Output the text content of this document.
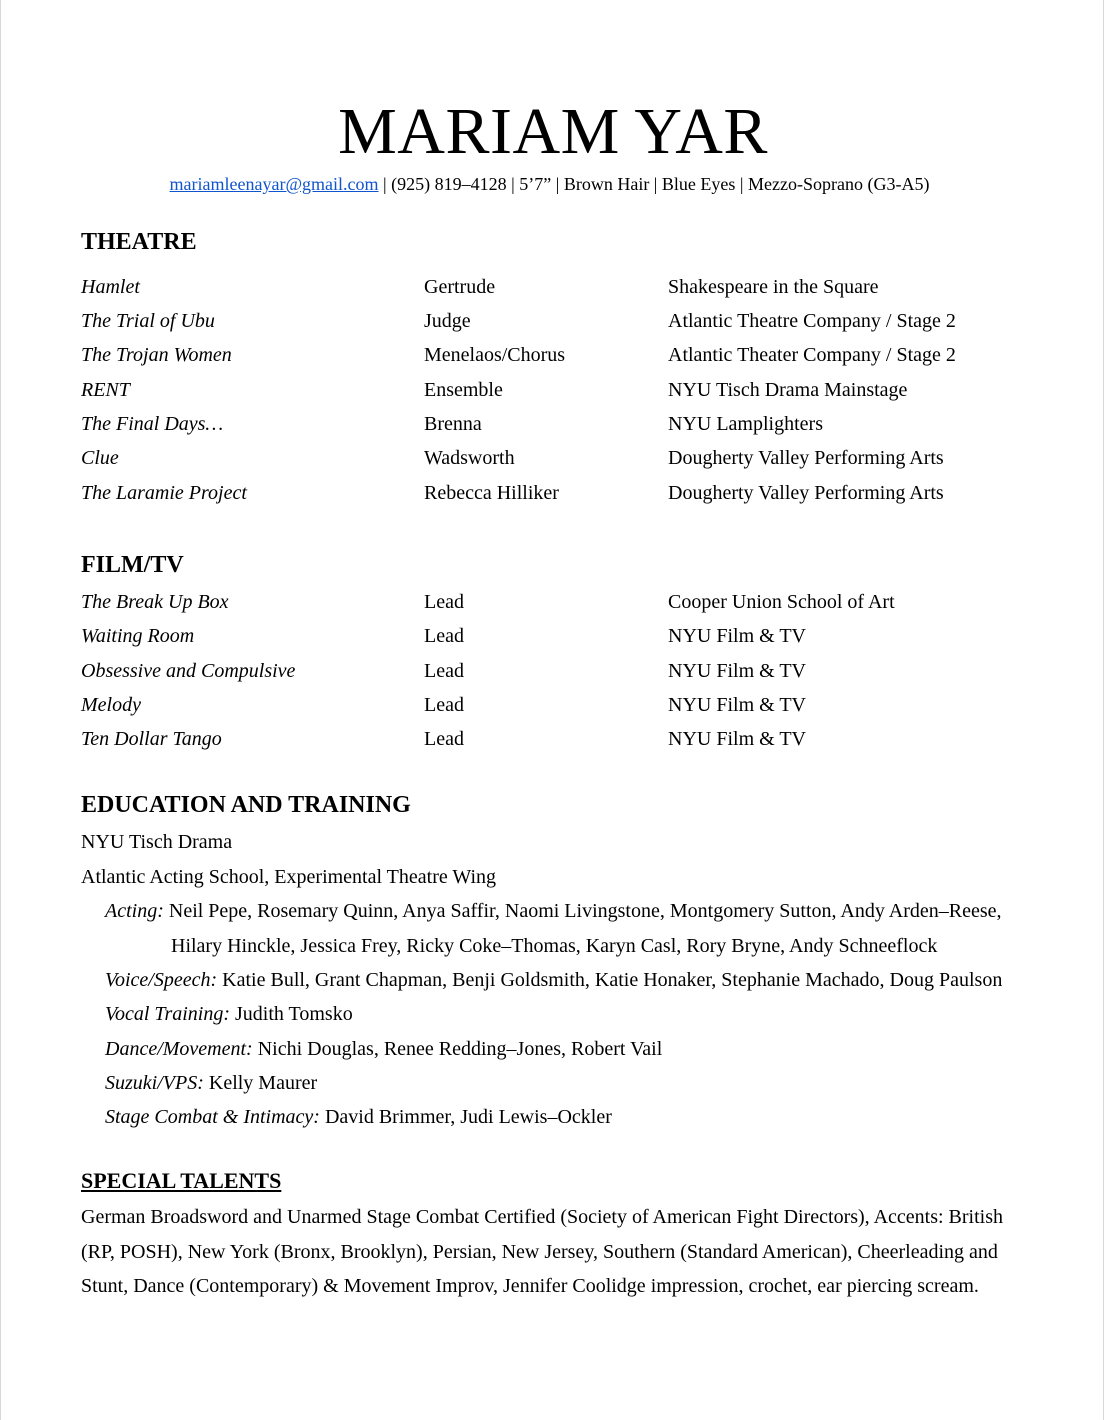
MARIAM YAR
mariamleenayar@gmail.com | (925) 819–4128 | 5’7” | Brown Hair | Blue Eyes | Mezzo-Soprano (G3-A5)
THEATRE
Hamlet	Gertrude	Shakespeare in the Square
The Trial of Ubu	Judge	Atlantic Theatre Company / Stage 2
The Trojan Women	Menelaos/Chorus	Atlantic Theater Company / Stage 2
RENT	Ensemble	NYU Tisch Drama Mainstage
The Final Days…	Brenna	NYU Lamplighters
Clue	Wadsworth	Dougherty Valley Performing Arts
The Laramie Project	Rebecca Hilliker	Dougherty Valley Performing Arts
FILM/TV
The Break Up Box	Lead	Cooper Union School of Art
Waiting Room	Lead	NYU Film & TV
Obsessive and Compulsive	Lead	NYU Film & TV
Melody	Lead	NYU Film & TV
Ten Dollar Tango	Lead	NYU Film & TV
EDUCATION AND TRAINING
NYU Tisch Drama
Atlantic Acting School, Experimental Theatre Wing
Acting: Neil Pepe, Rosemary Quinn, Anya Saffir, Naomi Livingstone, Montgomery Sutton, Andy Arden–Reese,
Hilary Hinckle, Jessica Frey, Ricky Coke–Thomas, Karyn Casl, Rory Bryne, Andy Schneeflock
Voice/Speech: Katie Bull, Grant Chapman, Benji Goldsmith, Katie Honaker, Stephanie Machado, Doug Paulson
Vocal Training: Judith Tomsko
Dance/Movement: Nichi Douglas, Renee Redding–Jones, Robert Vail
Suzuki/VPS: Kelly Maurer
Stage Combat & Intimacy: David Brimmer, Judi Lewis–Ockler
SPECIAL TALENTS
German Broadsword and Unarmed Stage Combat Certified (Society of American Fight Directors), Accents: British
(RP, POSH), New York (Bronx, Brooklyn), Persian, New Jersey, Southern (Standard American), Cheerleading and
Stunt, Dance (Contemporary) & Movement Improv, Jennifer Coolidge impression, crochet, ear piercing scream.
